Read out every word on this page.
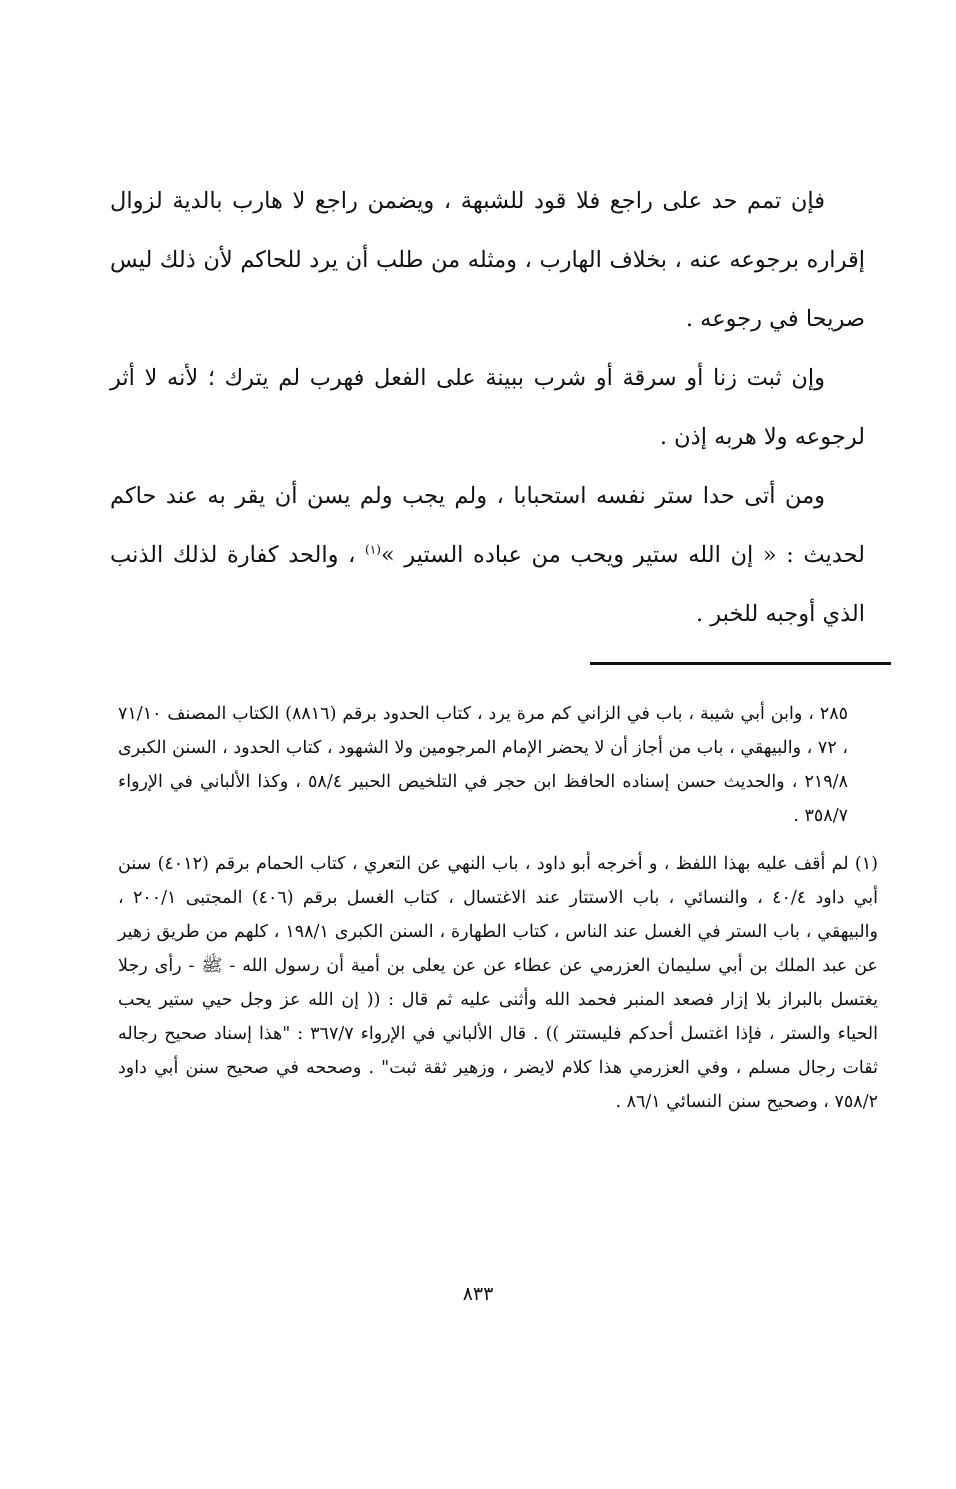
فإن تمم حد على راجع فلا قود للشبهة ، ويضمن راجع لا هارب بالدية لزوال إقراره برجوعه عنه ، بخلاف الهارب ، ومثله من طلب أن يرد للحاكم لأن ذلك ليس صريحا في رجوعه .

وإن ثبت زنا أو سرقة أو شرب ببينة على الفعل فهرب لم يترك ؛ لأنه لا أثر لرجوعه ولا هربه إذن .

ومن أتى حدا ستر نفسه استحبابا ، ولم يجب ولم يسن أن يقر به عند حاكم لحديث : « إن الله ستير ويحب من عباده الستير »$^{(١)}$ ، والحد كفارة لذلك الذنب الذي أوجبه للخبر .

٢٨٥ ، وابن أبي شيبة ، باب في الزاني كم مرة يرد ، كتاب الحدود برقم (٨٨١٦) الكتاب المصنف ٧١/١٠ ، ٧٢ ، والبيهقي ، باب من أجاز أن لا يحضر الإمام المرجومين ولا الشهود ، كتاب الحدود ، السنن الكبرى ٢١٩/٨ ، والحديث حسن إسناده الحافظ ابن حجر في التلخيص الحبير ٥٨/٤ ، وكذا الألباني في الإرواء ٣٥٨/٧ .

(١) لم أقف عليه بهذا اللفظ ، و أخرجه أبو داود ، باب النهي عن التعري ، كتاب الحمام برقم (٤٠١٢) سنن أبي داود ٤٠/٤ ، والنسائي ، باب الاستتار عند الاغتسال ، كتاب الغسل برقم (٤٠٦) المجتبى ٢٠٠/١ ، والبيهقي ، باب الستر في الغسل عند الناس ، كتاب الطهارة ، السنن الكبرى ١٩٨/١ ، كلهم من طريق زهير عن عبد الملك بن أبي سليمان العزرمي عن عطاء عن عن يعلى بن أمية أن رسول الله - ﷺ - رأى رجلا يغتسل بالبراز بلا إزار فصعد المنبر فحمد الله وأثنى عليه ثم قال : (( إن الله عز وجل حيي ستير يحب الحياء والستر ، فإذا اغتسل أحدكم فليستتر )) . قال الألباني في الإرواء ٣٦٧/٧ : "هذا إسناد صحيح رجاله ثقات رجال مسلم ، وفي العزرمي هذا كلام لايضر ، وزهير ثقة ثبت" . وصححه في صحيح سنن أبي داود ٧٥٨/٢ ، وصحيح سنن النسائي ٨٦/١ .

٨٣٣
